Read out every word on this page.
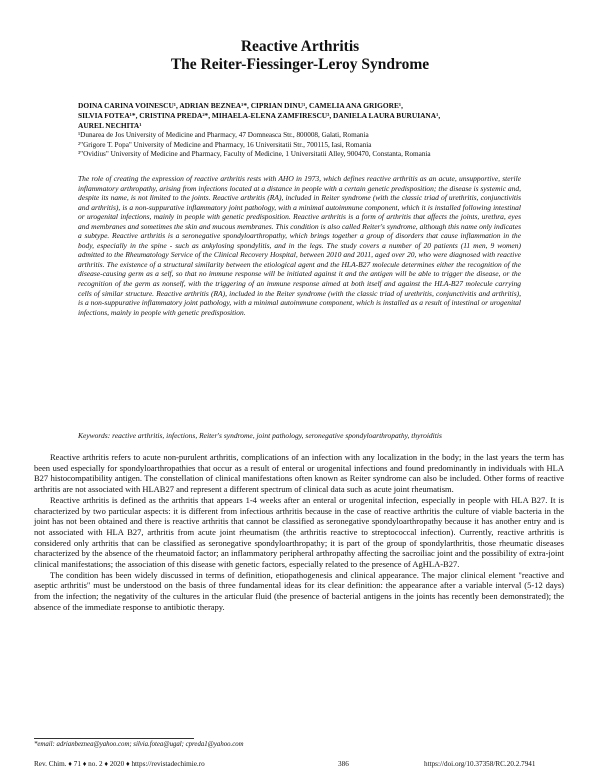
Reactive Arthritis
The Reiter-Fiessinger-Leroy Syndrome
DOINA CARINA VOINESCU¹, ADRIAN BEZNEA¹*, CIPRIAN DINU¹, CAMELIA ANA GRIGORE¹,
SILVIA FOTEA¹*, CRISTINA PREDA²*, MIHAELA-ELENA ZAMFIRESCU³, DANIELA LAURA BURUIANA¹,
AUREL NECHITA¹
¹Dunarea de Jos University of Medicine and Pharmacy, 47 Domneasca Str., 800008, Galati, Romania
²"Grigore T. Popa" University of Medicine and Pharmacy, 16 Universitatii Str., 700115, Iasi, Romania
³"Ovidius" University of Medicine and Pharmacy, Faculty of Medicine, 1 Universitatii Alley, 900470, Constanta, Romania

The role of creating the expression of reactive arthritis rests with AHO in 1973, which defines reactive arthritis as an acute, unsupportive, sterile inflammatory arthropathy, arising from infections located at a distance in people with a certain genetic predisposition; the disease is systemic and, despite its name, is not limited to the joints. Reactive arthritis (RA), included in Reiter syndrome (with the classic triad of urethritis, conjunctivitis and arthritis), is a non-suppurative inflammatory joint pathology, with a minimal autoimmune component, which it is installed following intestinal or urogenital infections, mainly in people with genetic predisposition. Reactive arthritis is a form of arthritis that affects the joints, urethra, eyes and membranes and sometimes the skin and mucous membranes. This condition is also called Reiter's syndrome, although this name only indicates a subtype. Reactive arthritis is a seronegative spondyloarthropathy, which brings together a group of disorders that cause inflammation in the body, especially in the spine - such as ankylosing spondylitis, and in the legs. The study covers a number of 20 patients (11 men, 9 women) admitted to the Rheumatology Service of the Clinical Recovery Hospital, between 2010 and 2011, aged over 20, who were diagnosed with reactive arthritis. The existence of a structural similarity between the etiological agent and the HLA-B27 molecule determines either the recognition of the disease-causing germ as a self, so that no immune response will be initiated against it and the antigen will be able to trigger the disease, or the recognition of the germ as nonself, with the triggering of an immune response aimed at both itself and against the HLA-B27 molecule carrying cells of similar structure. Reactive arthritis (RA), included in the Reiter syndrome (with the classic triad of urethritis, conjunctivitis and arthritis), is a non-suppurative inflammatory joint pathology, with a minimal autoimmune component, which is installed as a result of intestinal or urogenital infections, mainly in people with genetic predisposition.

Keywords: reactive arthritis, infections, Reiter's syndrome, joint pathology, seronegative spondyloarthropathy, thyroiditis

Reactive arthritis refers to acute non-purulent arthritis, complications of an infection with any localization in the body; in the last years the term has been used especially for spondyloarthropathies that occur as a result of enteral or urogenital infections and found predominantly in individuals with HLA B27 histocompatibility antigen. The constellation of clinical manifestations often known as Reiter syndrome can also be included. Other forms of reactive arthritis are not associated with HLAB27 and represent a different spectrum of clinical data such as acute joint rheumatism.

Reactive arthritis is defined as the arthritis that appears 1-4 weeks after an enteral or urogenital infection, especially in people with HLA B27. It is characterized by two particular aspects: it is different from infectious arthritis because in the case of reactive arthritis the culture of viable bacteria in the joint has not been obtained and there is reactive arthritis that cannot be classified as seronegative spondyloarthropathy because it has another entry and is not associated with HLA B27, arthritis from acute joint rheumatism (the arthritis reactive to streptococcal infection). Currently, reactive arthritis is considered only arthritis that can be classified as seronegative spondyloarthropathy; it is part of the group of spondylarthritis, those rheumatic diseases characterized by the absence of the rheumatoid factor; an inflammatory peripheral arthropathy affecting the sacroiliac joint and the possibility of extra-joint clinical manifestations; the association of this disease with genetic factors, especially related to the presence of AgHLA-B27.

The condition has been widely discussed in terms of definition, etiopathogenesis and clinical appearance. The major clinical element "reactive and aseptic arthritis" must be understood on the basis of three fundamental ideas for its clear definition: the appearance after a variable interval (5-12 days) from the infection; the negativity of the cultures in the articular fluid (the presence of bacterial antigens in the joints has recently been demonstrated); the absence of the immediate response to antibiotic therapy.

*email: adrianbeznea@yahoo.com; silvia.fotea@ugal; cpreda1@yahoo.com
Rev. Chim. ♦ 71 ♦ no. 2 ♦ 2020 ♦ https://revistadechimie.ro	386	https://doi.org/10.37358/RC.20.2.7941
